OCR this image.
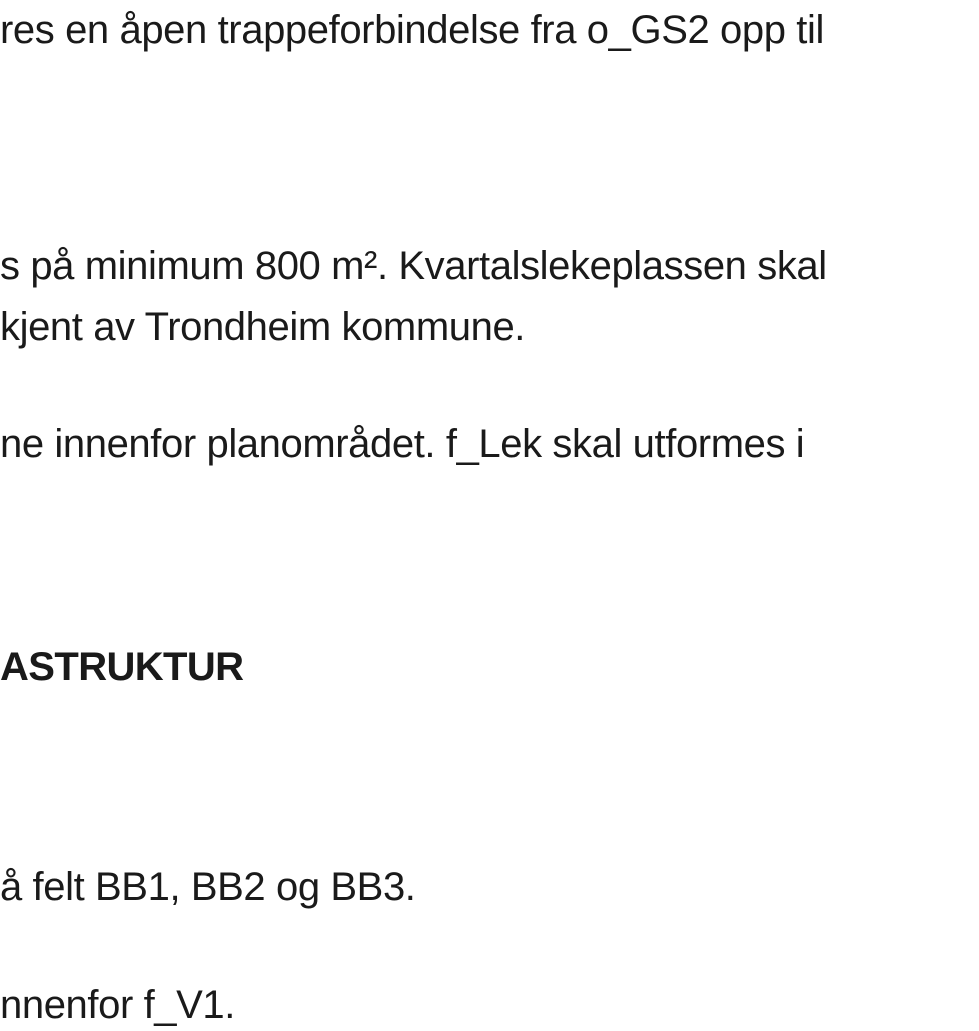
res en åpen trappeforbindelse fra o_GS2 opp til
s på minimum 800 m². Kvartalslekeplassen skal
kjent av Trondheim kommune.
ne innenfor planområdet. f_Lek skal utformes i
ASTRUKTUR
å felt BB1, BB2 og BB3.
nnenfor f_V1.
